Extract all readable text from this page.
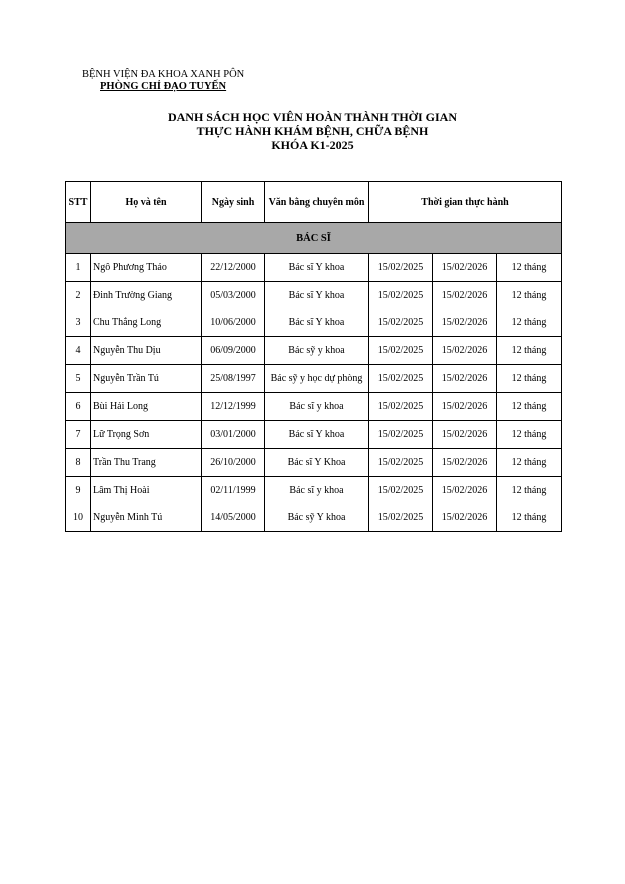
BỆNH VIỆN ĐA KHOA XANH PÔN
PHÒNG CHỈ ĐẠO TUYẾN
DANH SÁCH HỌC VIÊN HOÀN THÀNH THỜI GIAN
THỰC HÀNH KHÁM BỆNH, CHỮA BỆNH
KHÓA K1-2025
STT	Họ và tên	Ngày sinh	Văn bằng chuyên môn	Thời gian thực hành		
BÁC SĨ						
1	Ngô Phương Thảo	22/12/2000	Bác sĩ Y khoa	15/02/2025	15/02/2026	12 tháng
2	Đinh Trường Giang	05/03/2000	Bác sĩ Y khoa	15/02/2025	15/02/2026	12 tháng
3	Chu Thắng Long	10/06/2000	Bác sĩ Y khoa	15/02/2025	15/02/2026	12 tháng
4	Nguyễn Thu Dịu	06/09/2000	Bác sỹ y khoa	15/02/2025	15/02/2026	12 tháng
5	Nguyễn Trần Tú	25/08/1997	Bác sỹ y học dự phòng	15/02/2025	15/02/2026	12 tháng
6	Bùi Hải Long	12/12/1999	Bác sĩ y khoa	15/02/2025	15/02/2026	12 tháng
7	Lữ Trọng Sơn	03/01/2000	Bác sĩ Y khoa	15/02/2025	15/02/2026	12 tháng
8	Trần Thu Trang	26/10/2000	Bác sĩ Y Khoa	15/02/2025	15/02/2026	12 tháng
9	Lâm Thị Hoài	02/11/1999	Bác sĩ y khoa	15/02/2025	15/02/2026	12 tháng
10	Nguyễn Minh Tú	14/05/2000	Bác sỹ Y khoa	15/02/2025	15/02/2026	12 tháng
